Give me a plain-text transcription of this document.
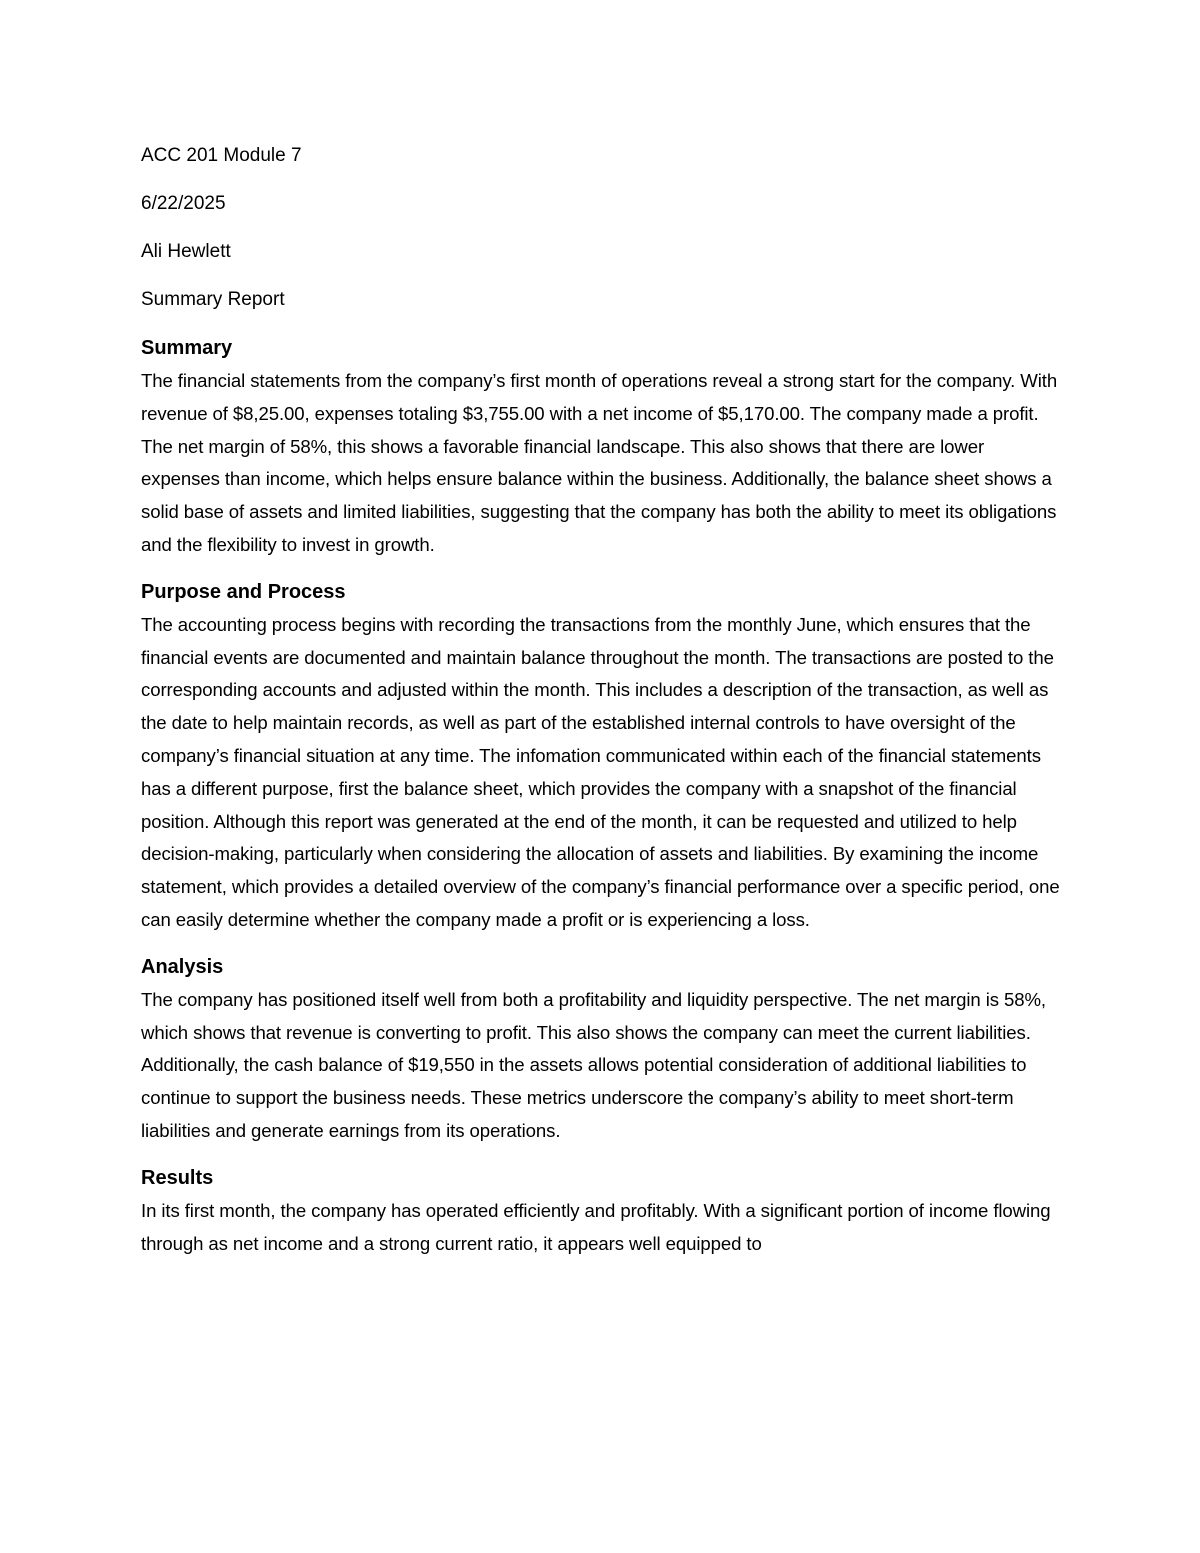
ACC 201 Module 7
6/22/2025
Ali Hewlett
Summary Report
Summary

The financial statements from the company’s first month of operations reveal a strong start for the company. With revenue of $8,25.00, expenses totaling $3,755.00 with a net income of $5,170.00. The company made a profit. The net margin of 58%, this shows a favorable financial landscape. This also shows that there are lower expenses than income, which helps ensure balance within the business. Additionally, the balance sheet shows a solid base of assets and limited liabilities, suggesting that the company has both the ability to meet its obligations and the flexibility to invest in growth.

Purpose and Process

The accounting process begins with recording the transactions from the monthly June, which ensures that the financial events are documented and maintain balance throughout the month. The transactions are posted to the corresponding accounts and adjusted within the month. This includes a description of the transaction, as well as the date to help maintain records, as well as part of the established internal controls to have oversight of the company’s financial situation at any time. The infomation communicated within each of the financial statements has a different purpose, first the balance sheet, which provides the company with a snapshot of the financial position. Although this report was generated at the end of the month, it can be requested and utilized to help decision-making, particularly when considering the allocation of assets and liabilities. By examining the income statement, which provides a detailed overview of the company’s financial performance over a specific period, one can easily determine whether the company made a profit or is experiencing a loss.

Analysis

The company has positioned itself well from both a profitability and liquidity perspective. The net margin is 58%, which shows that revenue is converting to profit. This also shows the company can meet the current liabilities. Additionally, the cash balance of $19,550 in the assets allows potential consideration of additional liabilities to continue to support the business needs. These metrics underscore the company’s ability to meet short-term liabilities and generate earnings from its operations.

Results

In its first month, the company has operated efficiently and profitably. With a significant portion of income flowing through as net income and a strong current ratio, it appears well equipped to
